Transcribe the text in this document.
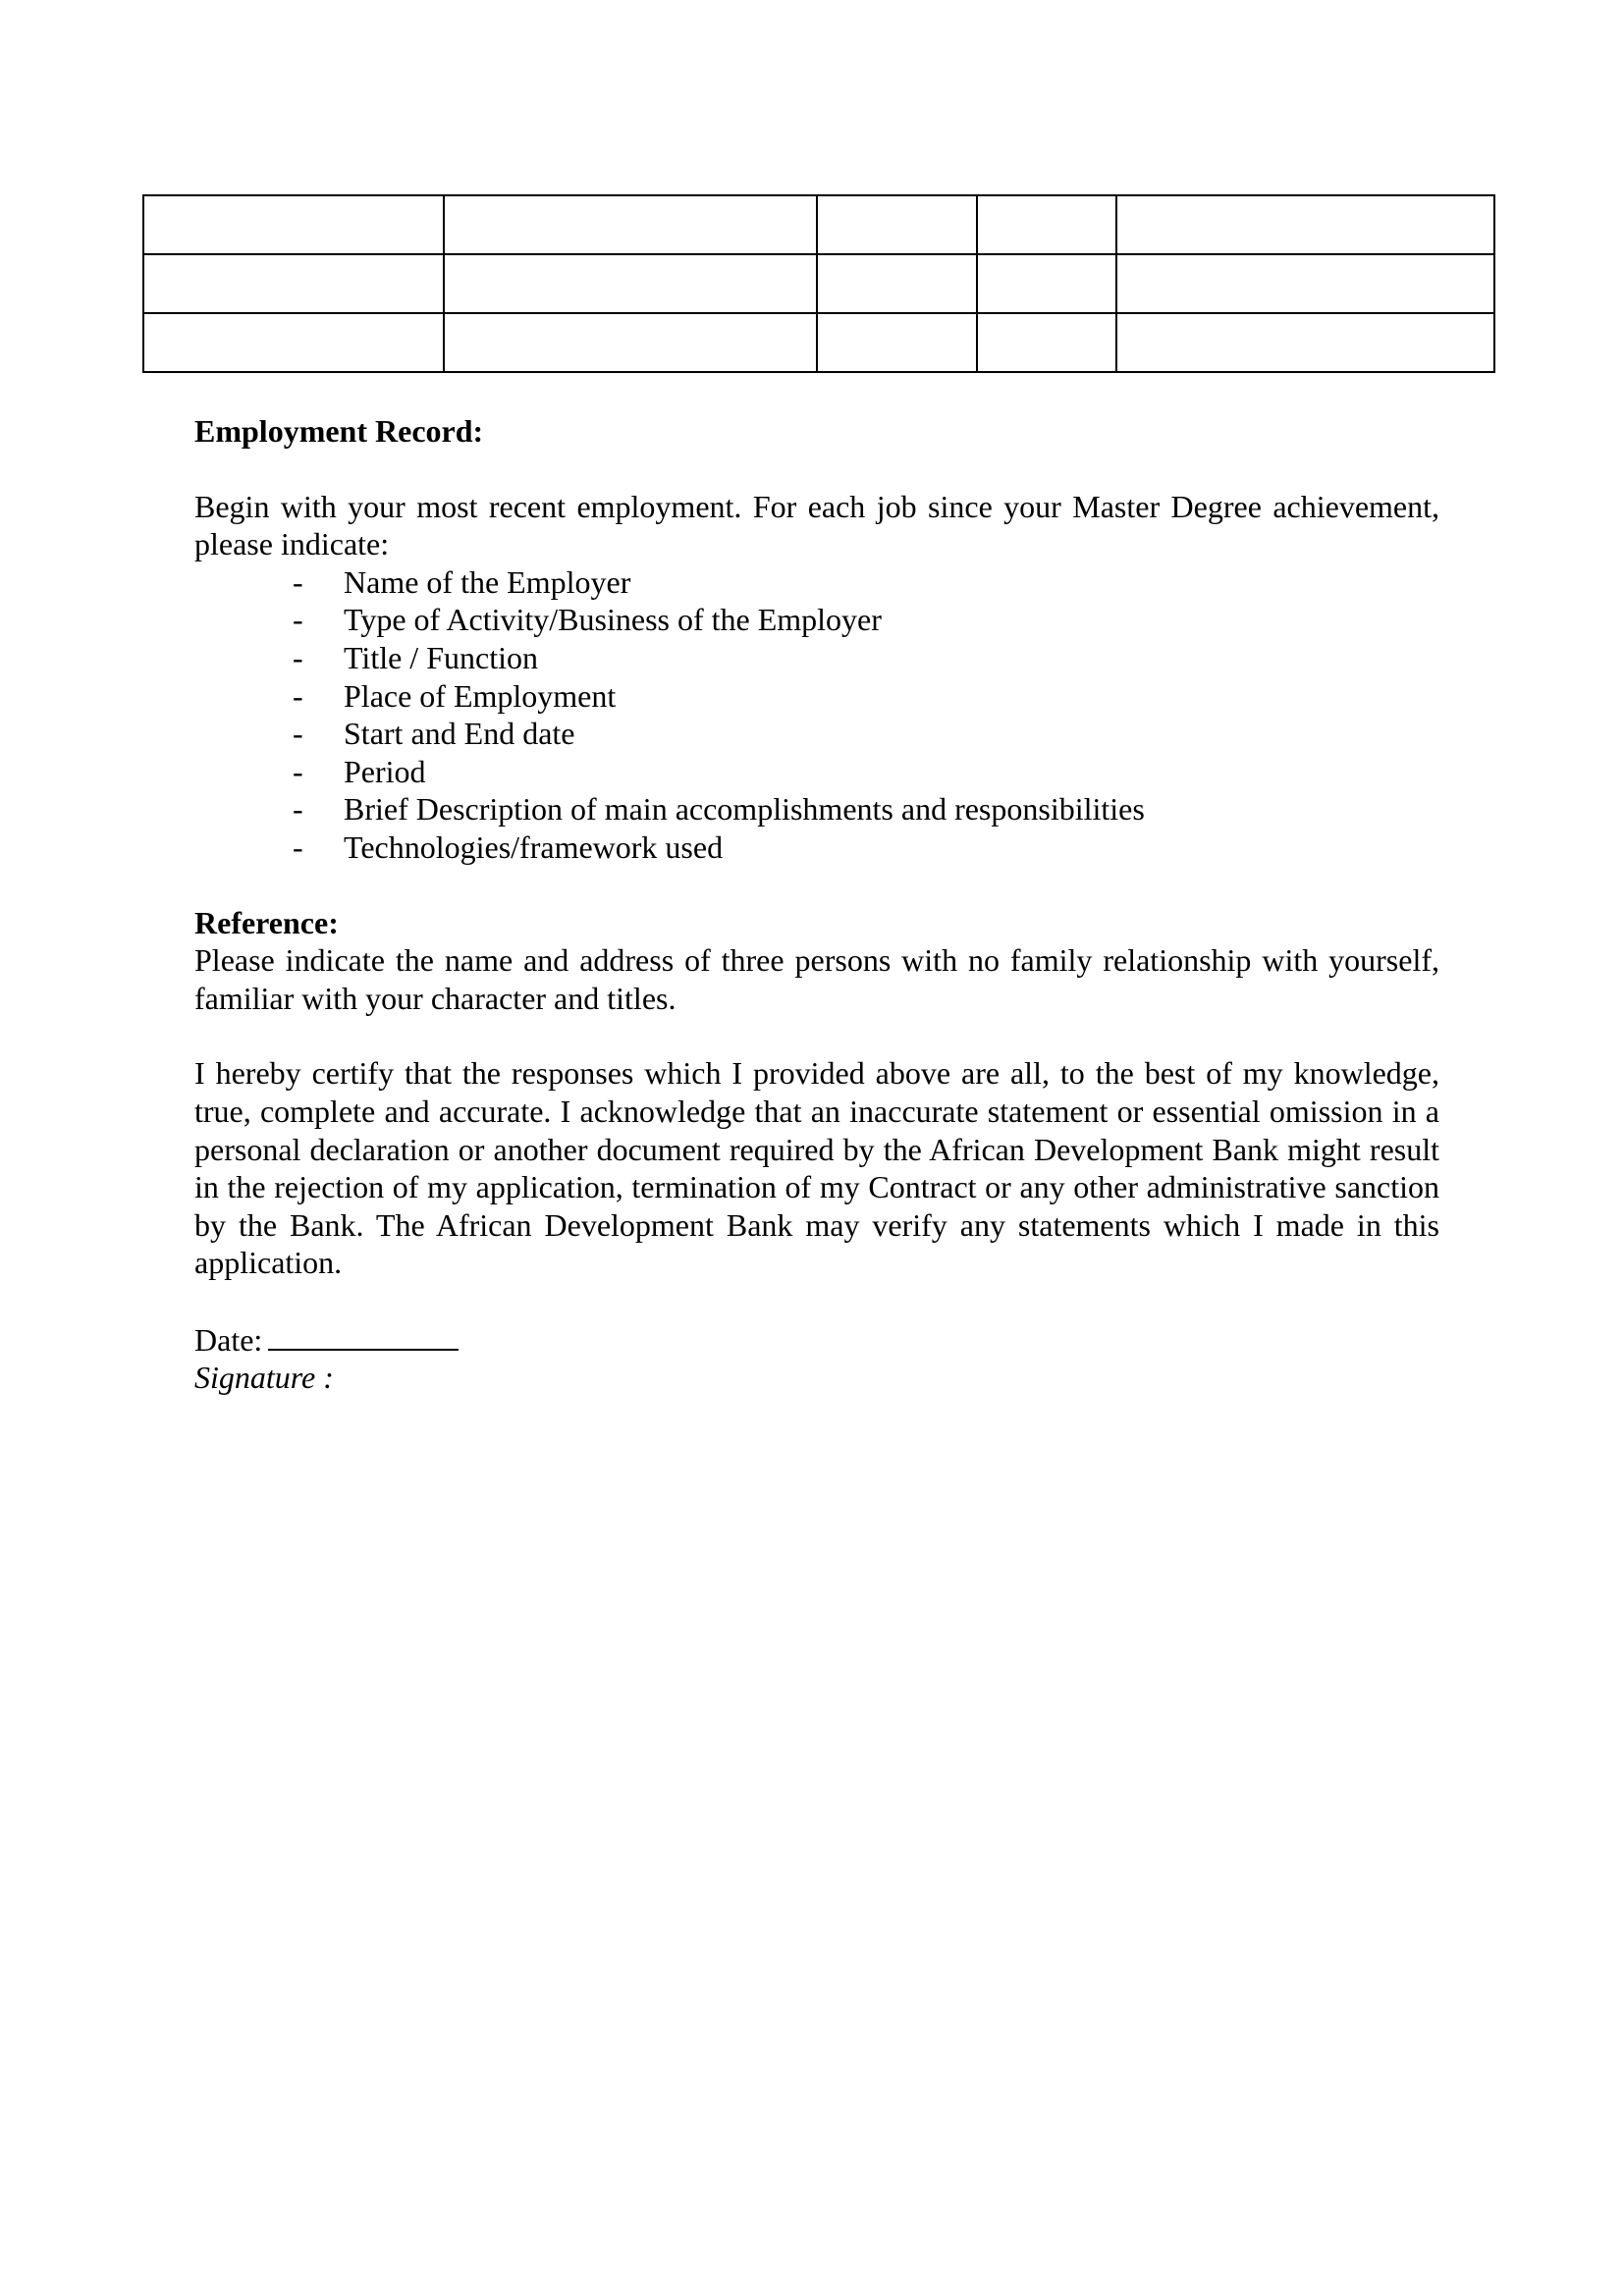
Employment Record:

Begin with your most recent employment. For each job since your Master Degree achievement, please indicate:

- Name of the Employer
- Type of Activity/Business of the Employer
- Title / Function
- Place of Employment
- Start and End date
- Period
- Brief Description of main accomplishments and responsibilities
- Technologies/framework used

Reference:

Please indicate the name and address of three persons with no family relationship with yourself, familiar with your character and titles.

I hereby certify that the responses which I provided above are all, to the best of my knowledge, true, complete and accurate. I acknowledge that an inaccurate statement or essential omission in a personal declaration or another document required by the African Development Bank might result in the rejection of my application, termination of my Contract or any other administrative sanction by the Bank. The African Development Bank may verify any statements which I made in this application.

Date:

Signature :
